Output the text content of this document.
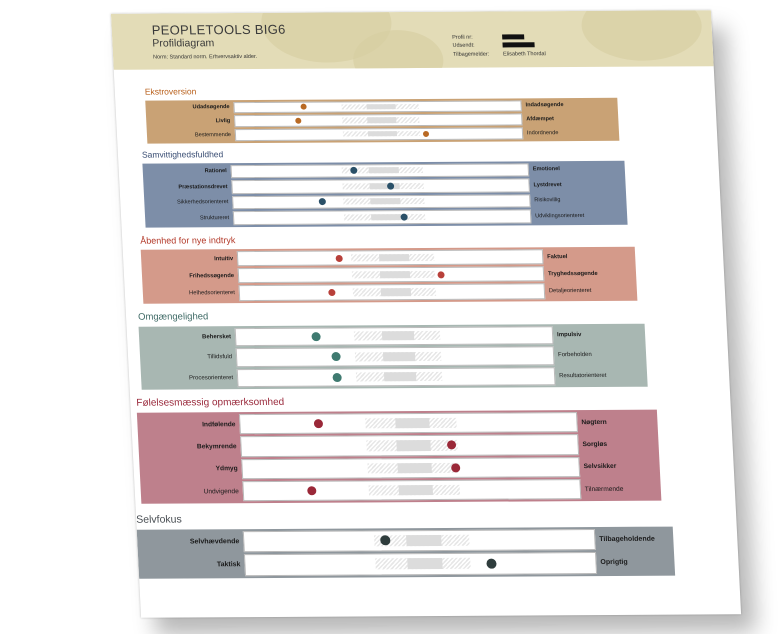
PEOPLETOOLS BIG6
Profildiagram
Norm: Standard norm. Erhvervsaktiv alder.
Profil nr:
Udsendt:
Tilbagemelder: Elisabeth Thordal
Ekstroversion
Udadsøgende	Indadsøgende
Livlig	Afdæmpet
Bestemmende	Indordnende
Samvittighedsfuldhed
Rationel	Emotionel
Præstationsdrevet	Lystdrevet
Sikkerhedsorienteret	Risikovillig
Struktureret	Udviklingsorienteret
Åbenhed for nye indtryk
Intuitiv	Faktuel
Frihedssøgende	Tryghedssøgende
Helhedsorienteret	Detaljeorienteret
Omgængelighed
Behersket	Impulsiv
Tillidsfuld	Forbeholden
Procesorienteret	Resultatorienteret
Følelsesmæssig opmærksomhed
Indfølende	Nøgtern
Bekymrende	Sorgløs
Ydmyg	Selvsikker
Undvigende	Tilnærmende
Selvfokus
Selvhævdende	Tilbageholdende
Taktisk	Oprigtig
